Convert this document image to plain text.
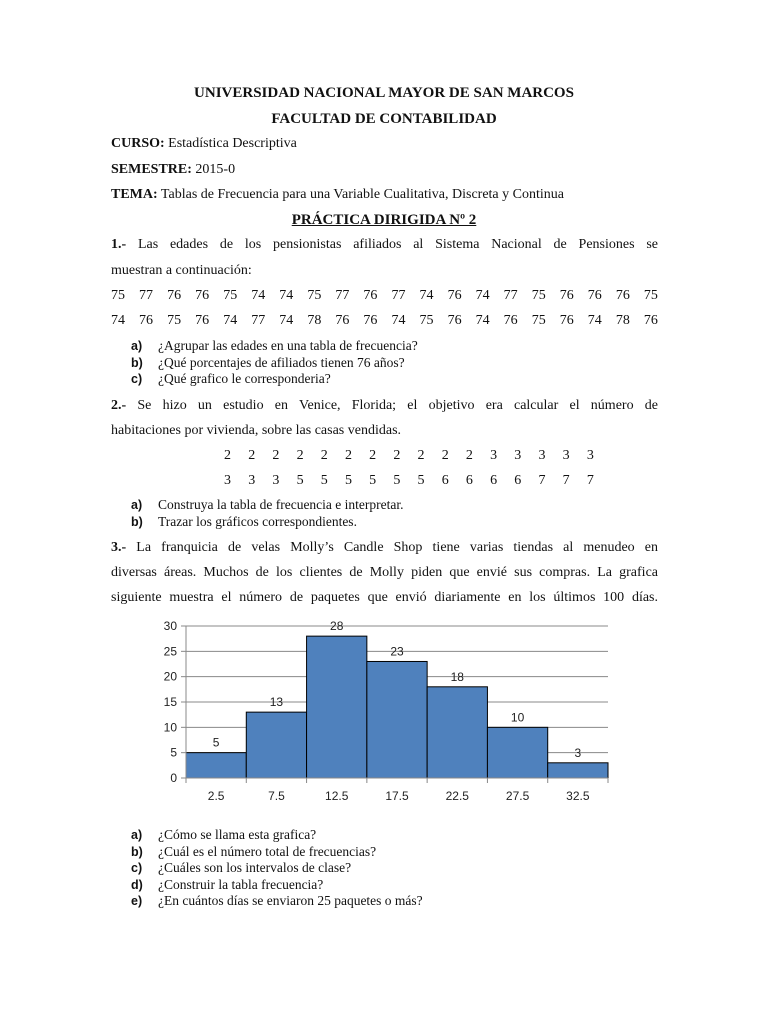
UNIVERSIDAD NACIONAL MAYOR DE SAN MARCOS
FACULTAD DE CONTABILIDAD
CURSO: Estadística Descriptiva
SEMESTRE: 2015-0
TEMA: Tablas de Frecuencia para una Variable Cualitativa, Discreta y Continua
PRÁCTICA DIRIGIDA Nº 2
1.- Las edades de los pensionistas afiliados al Sistema Nacional de Pensiones se
muestran a continuación:
75 77 76 76 75 74 74 75 77 76 77 74 76 74 77 75 76 76 76 75
74 76 75 76 74 77 74 78 76 76 74 75 76 74 76 75 76 74 78 76
a) ¿Agrupar las edades en una tabla de frecuencia?
b) ¿Qué porcentajes de afiliados tienen 76 años?
c) ¿Qué grafico le corresponderia?
2.- Se hizo un estudio en Venice, Florida; el objetivo era calcular el número de
habitaciones por vivienda, sobre las casas vendidas.
2 2 2 2 2 2 2 2 2 2 2 3 3 3 3 3
3 3 3 5 5 5 5 5 5 6 6 6 6 7 7 7
a) Construya la tabla de frecuencia e interpretar.
b) Trazar los gráficos correspondientes.
3.- La franquicia de velas Molly’s Candle Shop tiene varias tiendas al menudeo en
diversas áreas. Muchos de los clientes de Molly piden que envié sus compras. La grafica
siguiente muestra el número de paquetes que envió diariamente en los últimos 100 días.
0
5
10
15
20
25
30
5
2.5
13
7.5
28
12.5
23
17.5
18
22.5
10
27.5
3
32.5
a) ¿Cómo se llama esta grafica?
b) ¿Cuál es el número total de frecuencias?
c) ¿Cuáles son los intervalos de clase?
d) ¿Construir la tabla frecuencia?
e) ¿En cuántos días se enviaron 25 paquetes o más?
